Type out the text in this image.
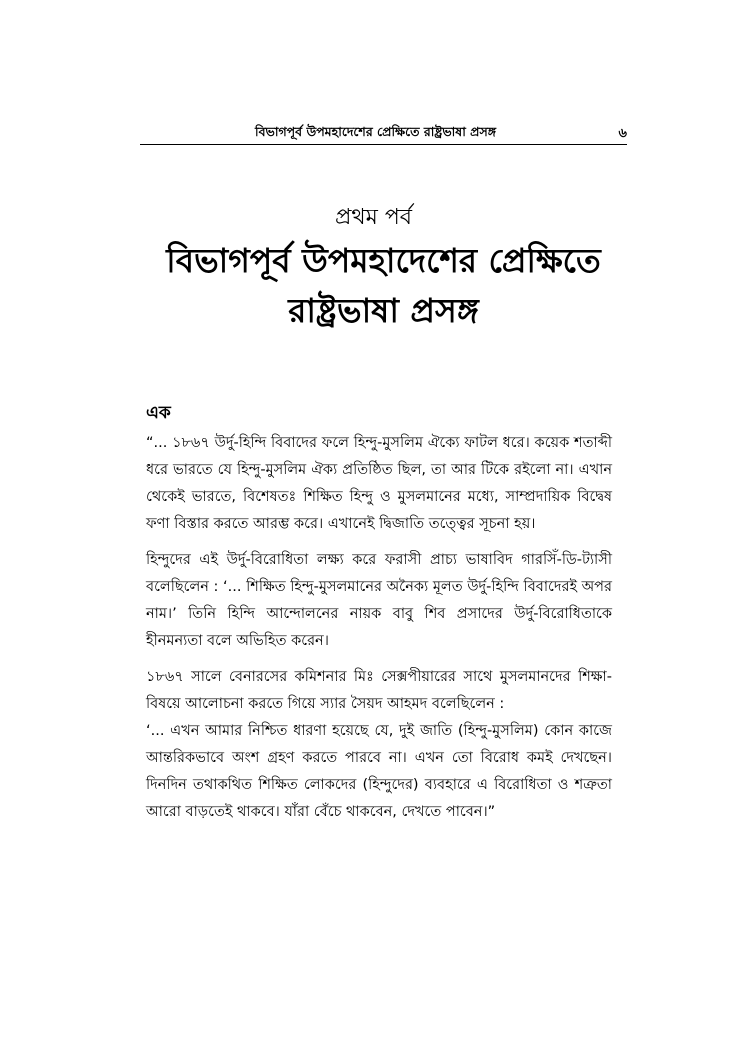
বিভাগপূর্ব উপমহাদেশের প্রেক্ষিতে রাষ্ট্রভাষা প্রসঙ্গ	৬
প্রথম পর্ব
বিভাগপূর্ব উপমহাদেশের প্রেক্ষিতে
রাষ্ট্রভাষা প্রসঙ্গ
এক

“... ১৮৬৭ উর্দু-হিন্দি বিবাদের ফলে হিন্দু-মুসলিম ঐক্যে ফাটল ধরে। কয়েক শতাব্দী ধরে ভারতে যে হিন্দু-মুসলিম ঐক্য প্রতিষ্ঠিত ছিল, তা আর টিকে রইলো না। এখান থেকেই ভারতে, বিশেষতঃ শিক্ষিত হিন্দু ও মুসলমানের মধ্যে, সাম্প্রদায়িক বিদ্বেষ ফণা বিস্তার করতে আরম্ভ করে। এখানেই দ্বিজাতি তত্ত্বের সূচনা হয়।

হিন্দুদের এই উর্দু-বিরোধিতা লক্ষ্য করে ফরাসী প্রাচ্য ভাষাবিদ গারসিঁ-ডি-ট্যাসী বলেছিলেন : ‘... শিক্ষিত হিন্দু-মুসলমানের অনৈক্য মূলত উর্দু-হিন্দি বিবাদেরই অপর নাম।’ তিনি হিন্দি আন্দোলনের নায়ক বাবু শিব প্রসাদের উর্দু-বিরোধিতাকে হীনমন্যতা বলে অভিহিত করেন।

১৮৬৭ সালে বেনারসের কমিশনার মিঃ সেক্সপীয়ারের সাথে মুসলমানদের শিক্ষা-বিষয়ে আলোচনা করতে গিয়ে স্যার সৈয়দ আহমদ বলেছিলেন :

‘... এখন আমার নিশ্চিত ধারণা হয়েছে যে, দুই জাতি (হিন্দু-মুসলিম) কোন কাজে আন্তরিকভাবে অংশ গ্রহণ করতে পারবে না। এখন তো বিরোধ কমই দেখছেন। দিনদিন তথাকথিত শিক্ষিত লোকদের (হিন্দুদের) ব্যবহারে এ বিরোধিতা ও শত্রুতা আরো বাড়তেই থাকবে। যাঁরা বেঁচে থাকবেন, দেখতে পাবেন।”
